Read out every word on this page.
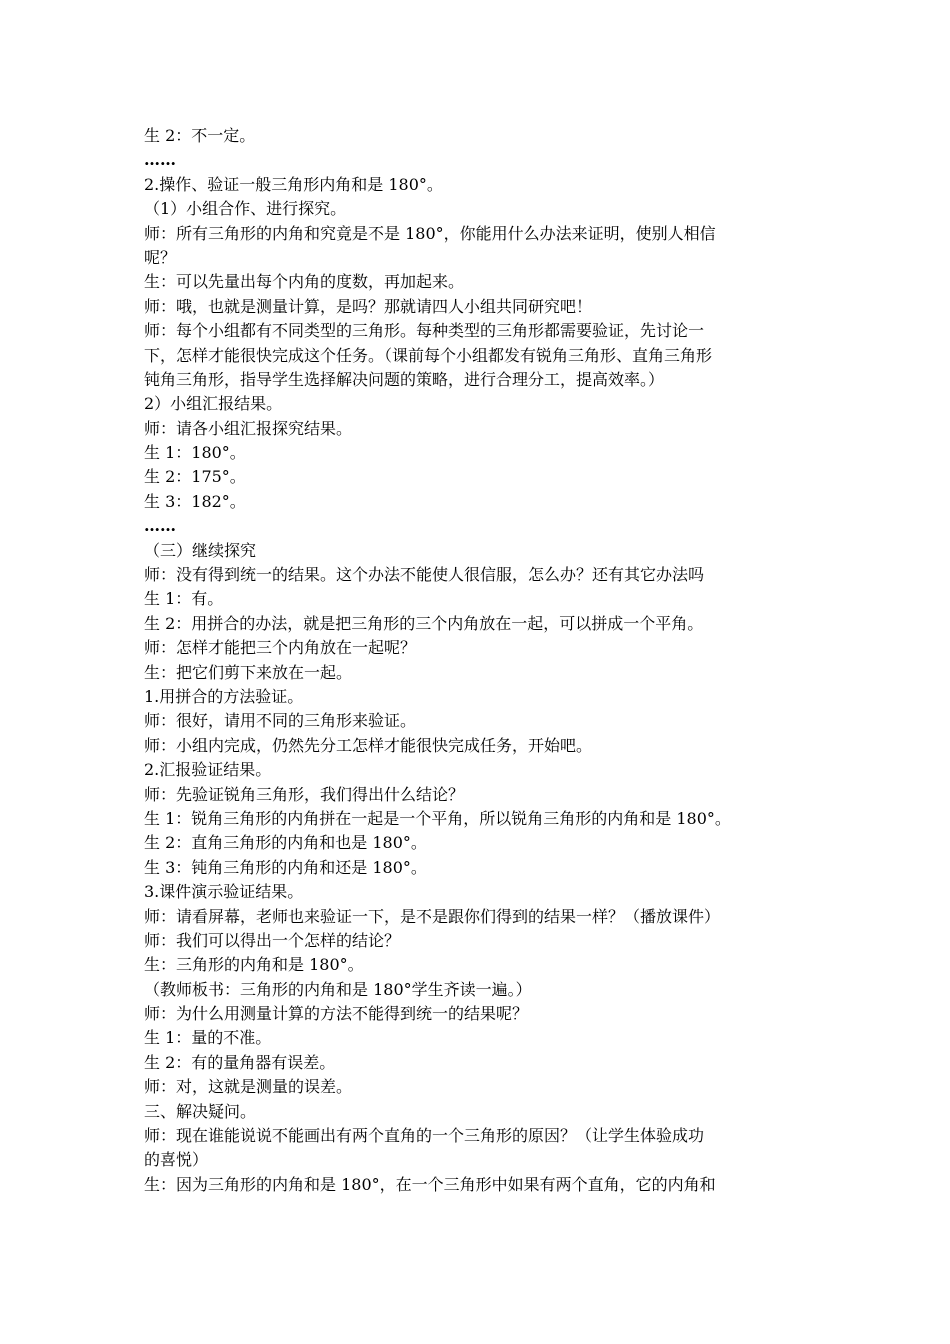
生 2：不一定。
……
2.操作、验证一般三角形内角和是 180°。
（1）小组合作、进行探究。
师：所有三角形的内角和究竟是不是 180°，你能用什么办法来证明，使别人相信
呢？
生：可以先量出每个内角的度数，再加起来。
师：哦，也就是测量计算，是吗？那就请四人小组共同研究吧！
师：每个小组都有不同类型的三角形。每种类型的三角形都需要验证，先讨论一
下，怎样才能很快完成这个任务。（课前每个小组都发有锐角三角形、直角三角形
钝角三角形，指导学生选择解决问题的策略，进行合理分工，提高效率。）
2）小组汇报结果。
师：请各小组汇报探究结果。
生 1：180°。
生 2：175°。
生 3：182°。
……
（三）继续探究
师：没有得到统一的结果。这个办法不能使人很信服，怎么办？还有其它办法吗
生 1：有。
生 2：用拼合的办法，就是把三角形的三个内角放在一起，可以拼成一个平角。
师：怎样才能把三个内角放在一起呢？
生：把它们剪下来放在一起。
1.用拼合的方法验证。
师：很好，请用不同的三角形来验证。
师：小组内完成，仍然先分工怎样才能很快完成任务，开始吧。
2.汇报验证结果。
师：先验证锐角三角形，我们得出什么结论？
生 1：锐角三角形的内角拼在一起是一个平角，所以锐角三角形的内角和是 180°。
生 2：直角三角形的内角和也是 180°。
生 3：钝角三角形的内角和还是 180°。
3.课件演示验证结果。
师：请看屏幕，老师也来验证一下，是不是跟你们得到的结果一样？（播放课件）
师：我们可以得出一个怎样的结论？
生：三角形的内角和是 180°。
（教师板书：三角形的内角和是 180°学生齐读一遍。）
师：为什么用测量计算的方法不能得到统一的结果呢？
生 1：量的不准。
生 2：有的量角器有误差。
师：对，这就是测量的误差。
三、解决疑问。
师：现在谁能说说不能画出有两个直角的一个三角形的原因？（让学生体验成功
的喜悦）
生：因为三角形的内角和是 180°，在一个三角形中如果有两个直角，它的内角和
